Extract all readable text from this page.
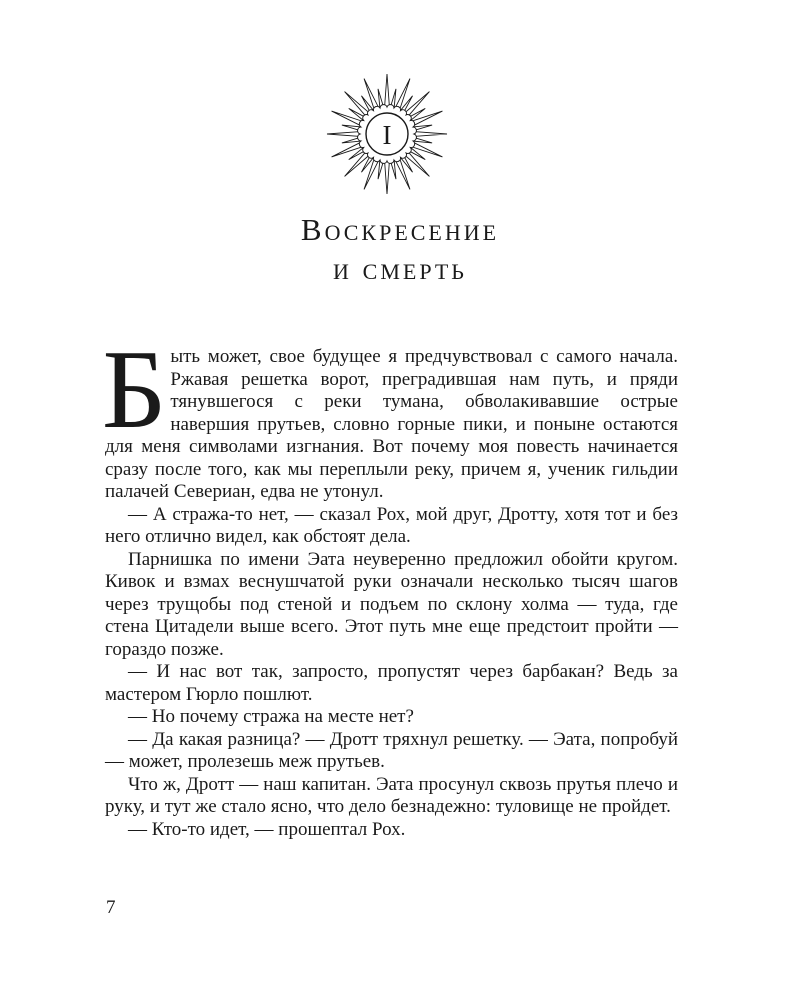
I
Воскресение
и смерть

Быть может, свое будущее я предчувствовал с самого начала. Ржавая решетка ворот, преградившая нам путь, и пряди тянувшегося с реки тумана, обволакивавшие острые навершия прутьев, словно горные пики, и поныне остаются для меня символами изгнания. Вот почему моя повесть начинается сразу после того, как мы переплыли реку, причем я, ученик гильдии палачей Севериан, едва не утонул.

— А стража-то нет, — сказал Рох, мой друг, Дротту, хотя тот и без него отлично видел, как обстоят дела.

Парнишка по имени Эата неуверенно предложил обойти кругом. Кивок и взмах веснушчатой руки означали несколько тысяч шагов через трущобы под стеной и подъем по склону холма — туда, где стена Цитадели выше всего. Этот путь мне еще предстоит пройти — гораздо позже.

— И нас вот так, запросто, пропустят через барбакан? Ведь за мастером Гюрло пошлют.

— Но почему стража на месте нет?

— Да какая разница? — Дротт тряхнул решетку. — Эата, попробуй — может, пролезешь меж прутьев.

Что ж, Дротт — наш капитан. Эата просунул сквозь прутья плечо и руку, и тут же стало ясно, что дело безнадежно: туловище не пройдет.

— Кто-то идет, — прошептал Рох.

7
